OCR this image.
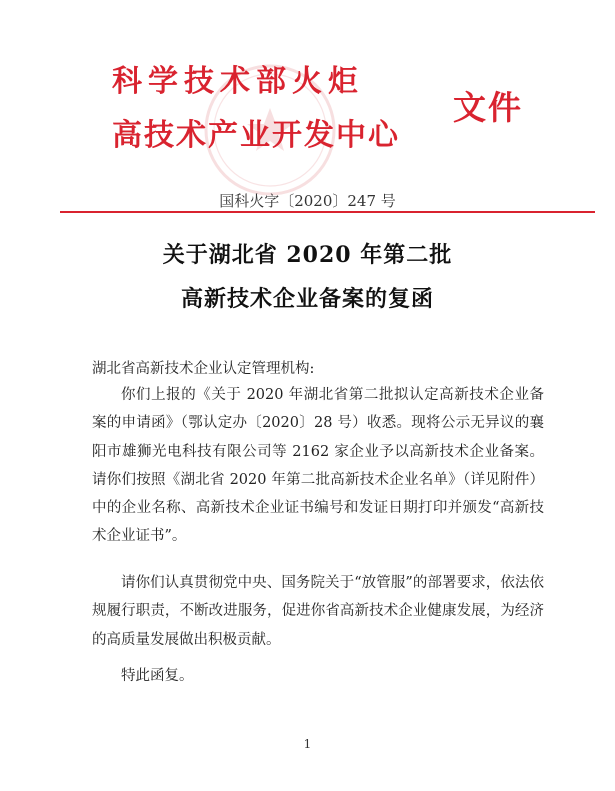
科学技术部火炬
高技术产业开发中心
文件

国科火字〔2020〕247 号

关于湖北省 2020 年第二批
高新技术企业备案的复函

湖北省高新技术企业认定管理机构:

你们上报的《关于 2020 年湖北省第二批拟认定高新技术企业备案的申请函》（鄂认定办〔2020〕28 号）收悉。现将公示无异议的襄阳市雄狮光电科技有限公司等 2162 家企业予以高新技术企业备案。请你们按照《湖北省 2020 年第二批高新技术企业名单》（详见附件）中的企业名称、高新技术企业证书编号和发证日期打印并颁发“高新技术企业证书”。

请你们认真贯彻党中央、国务院关于“放管服”的部署要求，依法依规履行职责，不断改进服务，促进你省高新技术企业健康发展，为经济的高质量发展做出积极贡献。

特此函复。

1
